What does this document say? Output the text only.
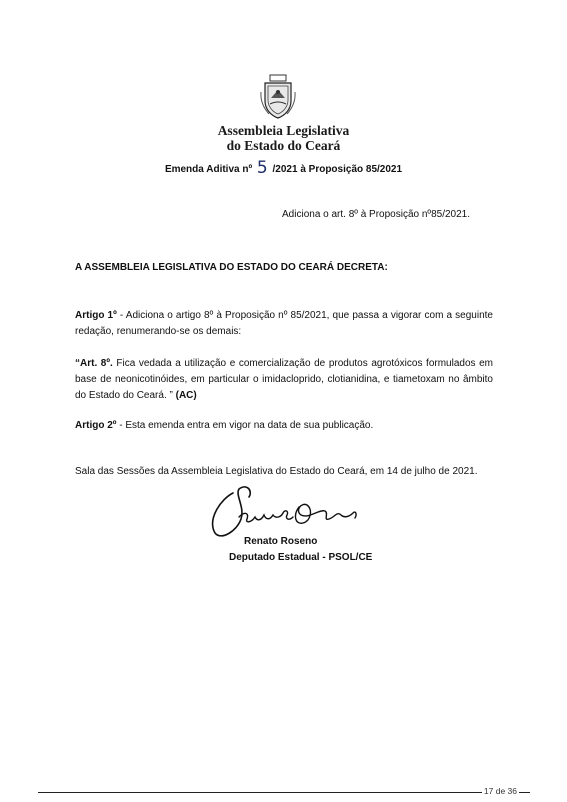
Assembleia Legislativa
do Estado do Ceará
Emenda Aditiva nº 5 /2021 à Proposição 85/2021
Adiciona o art. 8º à Proposição nº85/2021.
A ASSEMBLEIA LEGISLATIVA DO ESTADO DO CEARÁ DECRETA:
Artigo 1º - Adiciona o artigo 8º à Proposição nº 85/2021, que passa a vigorar com a seguinte redação, renumerando-se os demais:
“Art. 8º. Fica vedada a utilização e comercialização de produtos agrotóxicos formulados em base de neonicotinóides, em particular o imidacloprido, clotianidina, e tiametoxam no âmbito do Estado do Ceará. ” (AC)
Artigo 2º - Esta emenda entra em vigor na data de sua publicação.
Sala das Sessões da Assembleia Legislativa do Estado do Ceará, em 14 de julho de 2021.
Renato Roseno
Deputado Estadual - PSOL/CE
17 de 36
